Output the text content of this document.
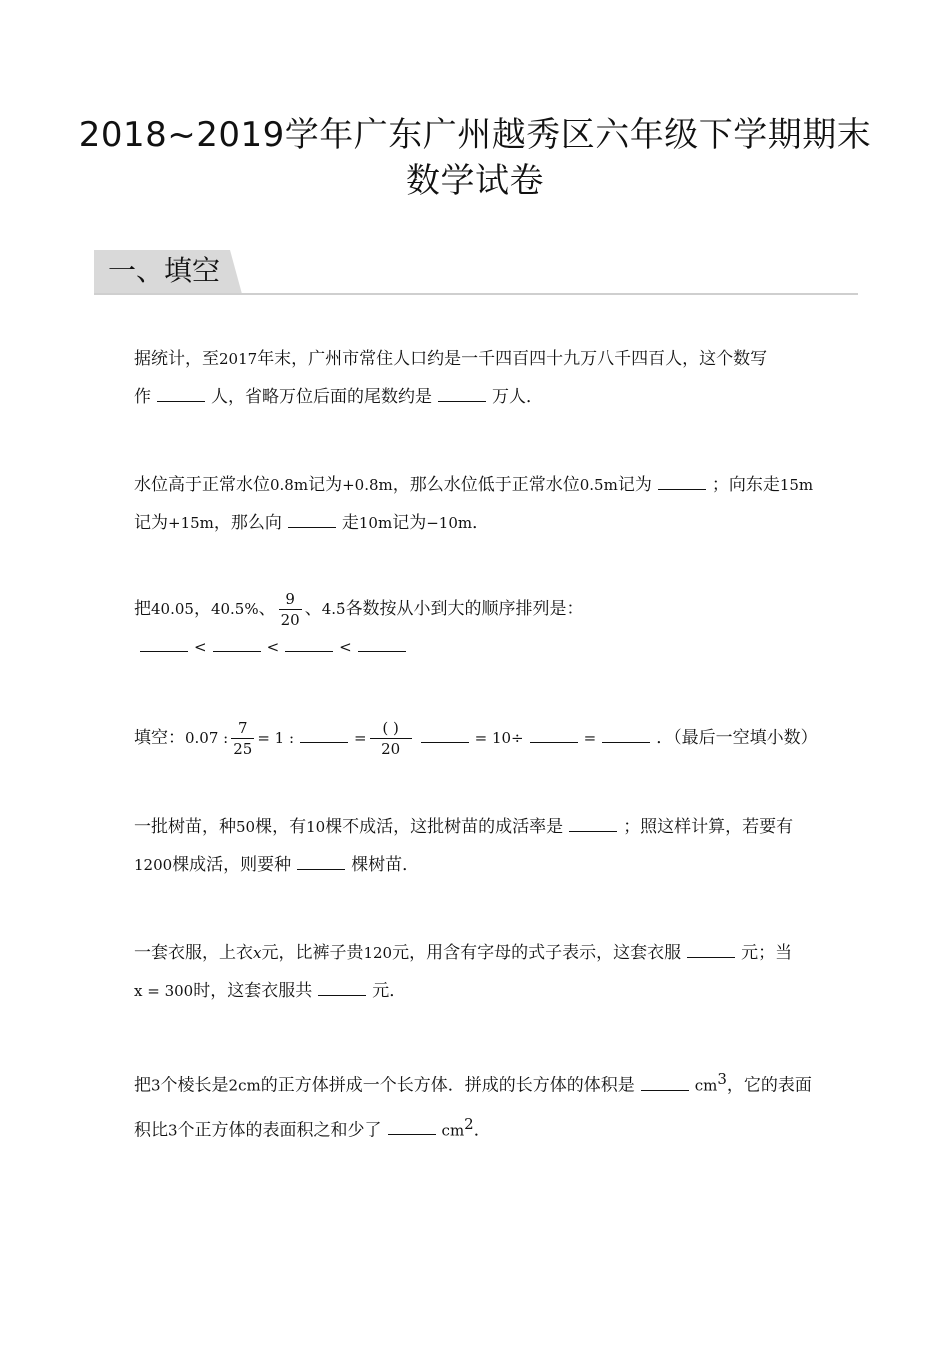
2018~2019学年广东广州越秀区六年级下学期期末
数学试卷
一、填空
据统计，至2017年末，广州市常住人口约是一千四百四十九万八千四百人，这个数写
作	人，省略万位后面的尾数约是	万人．
水位高于正常水位0.8m记为+0.8m，那么水位低于正常水位0.5m记为	；向东走15m
记为+15m，那么向	走10m记为−10m．
把40.05，40.5%、 $\frac{9}{20}$ 、4.5̇各数按从小到大的顺序排列是：
<	<	<
填空：0.07 : $\frac{7}{25} = 1$ :	= $\frac{( )}{20}$	= 10÷	=	．（最后一空填小数）
一批树苗，种50棵，有10棵不成活，这批树苗的成活率是	；照这样计算，若要有
1200棵成活，则要种	棵树苗．
一套衣服，上衣x元，比裤子贵120元，用含有字母的式子表示，这套衣服	元；当
x = 300时，这套衣服共	元．
把3个棱长是2cm的正方体拼成一个长方体．拼成的长方体的体积是	$cm^3$，它的表面
积比3个正方体的表面积之和少了	$cm^2$．
